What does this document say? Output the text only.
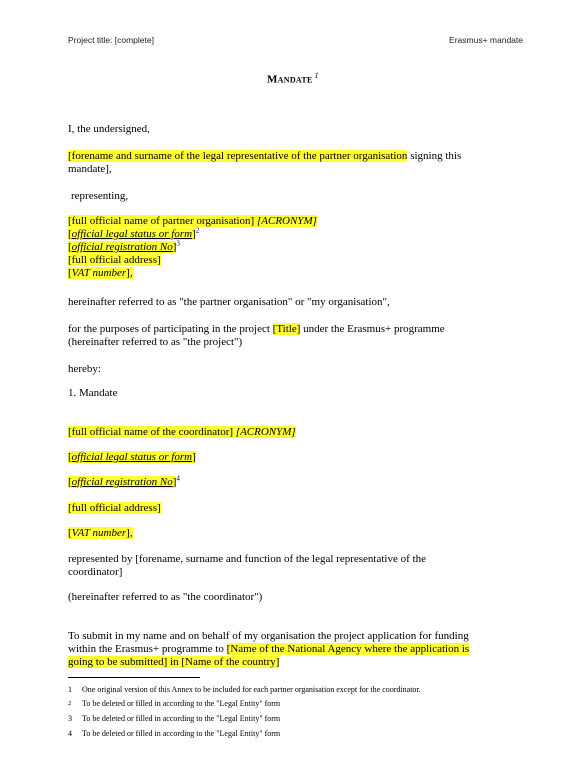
Project title: [complete]	Erasmus+ mandate
Mandate $^1$
I, the undersigned,
[forename and surname of the legal representative of the partner organisation signing this
mandate],
representing,
[full official name of partner organisation] [ACRONYM]
[official legal status or form]$^2$
[official registration No]$^3$
[full official address]
[VAT number],
hereinafter referred to as "the partner organisation" or "my organisation",
for the purposes of participating in the project [Title] under the Erasmus+ programme
(hereinafter referred to as "the project")
hereby:
1. Mandate
[full official name of the coordinator] [ACRONYM]
[official legal status or form]
[official registration No]$^4$
[full official address]
[VAT number],
represented by [forename, surname and function of the legal representative of the
coordinator]
(hereinafter referred to as "the coordinator")
To submit in my name and on behalf of my organisation the project application for funding
within the Erasmus+ programme to [Name of the National Agency where the application is
going to be submitted] in [Name of the country]
1 One original version of this Annex to be included for each partner organisation except for the coordinator.
2 To be deleted or filled in according to the "Legal Entity" form
3 To be deleted or filled in according to the "Legal Entity" form
4 To be deleted or filled in according to the "Legal Entity" form
